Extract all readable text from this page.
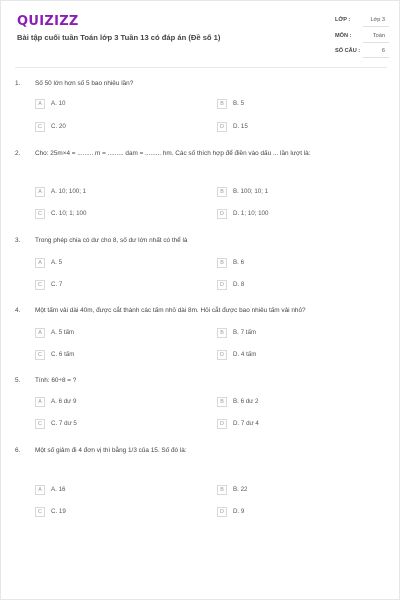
QUIZIZZ
Bài tập cuối tuần Toán lớp 3 Tuần 13 có đáp án (Đề số 1)
LỚP :	Lớp 3
MÔN :	Toán
SỐ CÂU :	6
1. Số 50 lớn hơn số 5 bao nhiêu lần?
A	A. 10	B	B. 5
C	C. 20	D	D. 15
2. Cho: 25m×4 = ......... m = ......... dam = ......... hm. Các số thích hợp để điền vào dấu ... lần lượt là:
A	A. 10; 100; 1	B	B. 100; 10; 1
C	C. 10; 1; 100	D	D. 1; 10; 100
3. Trong phép chia có dư cho 8, số dư lớn nhất có thể là
A	A. 5	B	B. 6
C	C. 7	D	D. 8
4. Một tấm vải dài 40m, được cắt thành các tấm nhỏ dài 8m. Hỏi cắt được bao nhiêu tấm vải nhỏ?
A	A. 5 tấm	B	B. 7 tấm
C	C. 6 tấm	D	D. 4 tấm
5. Tính: 60÷8 = ?
A	A. 6 dư 9	B	B. 6 dư 2
C	C. 7 dư 5	D	D. 7 dư 4
6. Một số giảm đi 4 đơn vị thì bằng 1/3 của 15. Số đó là:
A	A. 16	B	B. 22
C	C. 19	D	D. 9
